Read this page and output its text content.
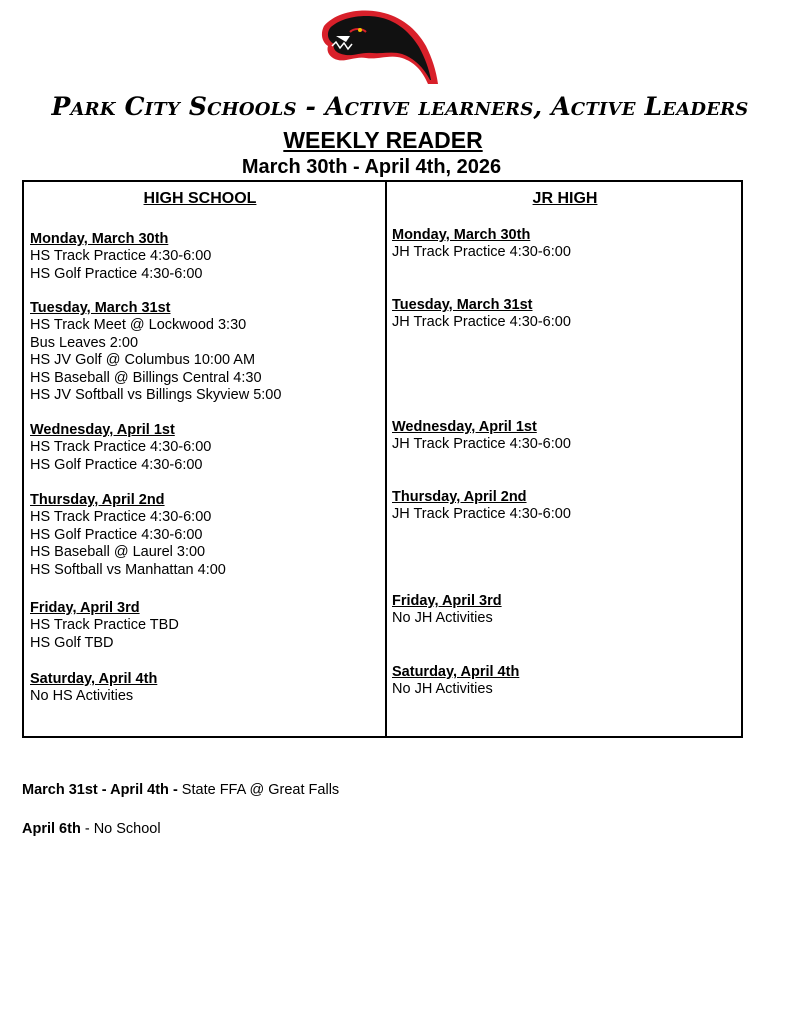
Park City Schools - Active learners, Active Leaders
WEEKLY READER
March 30th - April 4th, 2026
HIGH SCHOOL	JR HIGH
Monday, March 30th
HS Track Practice 4:30-6:00
HS Golf Practice 4:30-6:00
Tuesday, March 31st
HS Track Meet @ Lockwood 3:30
Bus Leaves 2:00
HS JV Golf @ Columbus 10:00 AM
HS Baseball @ Billings Central 4:30
HS JV Softball vs Billings Skyview 5:00
Wednesday, April 1st
HS Track Practice 4:30-6:00
HS Golf Practice 4:30-6:00
Thursday, April 2nd
HS Track Practice 4:30-6:00
HS Golf Practice 4:30-6:00
HS Baseball @ Laurel 3:00
HS Softball vs Manhattan 4:00
Friday, April 3rd
HS Track Practice TBD
HS Golf TBD
Saturday, April 4th
No HS Activities
Monday, March 30th
JH Track Practice 4:30-6:00
Tuesday, March 31st
JH Track Practice 4:30-6:00
Wednesday, April 1st
JH Track Practice 4:30-6:00
Thursday, April 2nd
JH Track Practice 4:30-6:00
Friday, April 3rd
No JH Activities
Saturday, April 4th
No JH Activities
March 31st - April 4th - State FFA @ Great Falls
April 6th - No School
